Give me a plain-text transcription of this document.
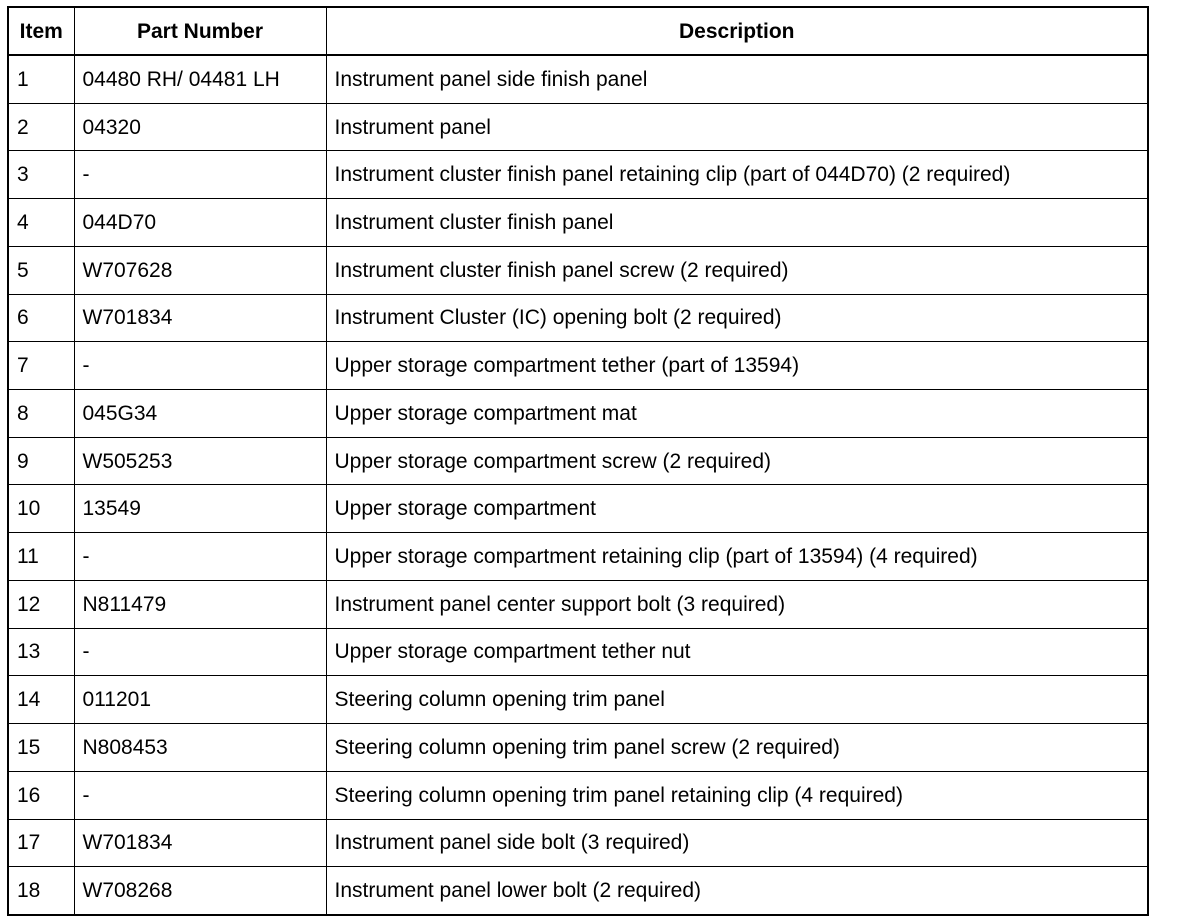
Item	Part Number	Description
1	04480 RH/ 04481 LH	Instrument panel side finish panel
2	04320	Instrument panel
3	-	Instrument cluster finish panel retaining clip (part of 044D70) (2 required)
4	044D70	Instrument cluster finish panel
5	W707628	Instrument cluster finish panel screw (2 required)
6	W701834	Instrument Cluster (IC) opening bolt (2 required)
7	-	Upper storage compartment tether (part of 13594)
8	045G34	Upper storage compartment mat
9	W505253	Upper storage compartment screw (2 required)
10	13549	Upper storage compartment
11	-	Upper storage compartment retaining clip (part of 13594) (4 required)
12	N811479	Instrument panel center support bolt (3 required)
13	-	Upper storage compartment tether nut
14	011201	Steering column opening trim panel
15	N808453	Steering column opening trim panel screw (2 required)
16	-	Steering column opening trim panel retaining clip (4 required)
17	W701834	Instrument panel side bolt (3 required)
18	W708268	Instrument panel lower bolt (2 required)
